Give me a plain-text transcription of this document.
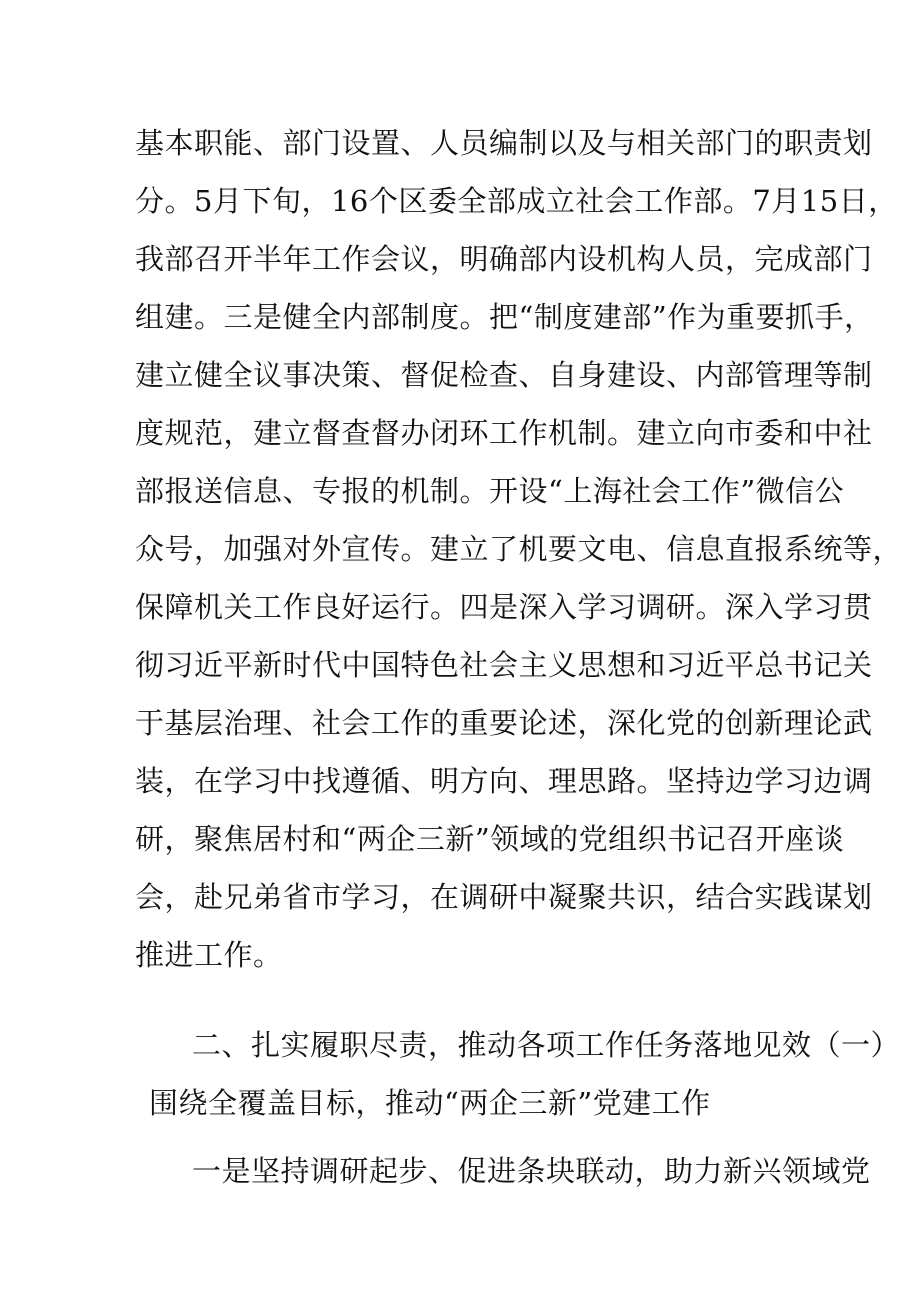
基本职能、部门设置、人员编制以及与相关部门的职责划
分。5月下旬，16个区委全部成立社会工作部。7月15日，
我部召开半年工作会议，明确部内设机构人员，完成部门
组建。三是健全内部制度。把“制度建部”作为重要抓手，
建立健全议事决策、督促检查、自身建设、内部管理等制
度规范，建立督查督办闭环工作机制。建立向市委和中社
部报送信息、专报的机制。开设“上海社会工作”微信公
众号，加强对外宣传。建立了机要文电、信息直报系统等，
保障机关工作良好运行。四是深入学习调研。深入学习贯
彻习近平新时代中国特色社会主义思想和习近平总书记关
于基层治理、社会工作的重要论述，深化党的创新理论武
装，在学习中找遵循、明方向、理思路。坚持边学习边调
研，聚焦居村和“两企三新”领域的党组织书记召开座谈
会，赴兄弟省市学习，在调研中凝聚共识，结合实践谋划
推进工作。
二、扎实履职尽责，推动各项工作任务落地见效（一）
围绕全覆盖目标，推动“两企三新”党建工作
一是坚持调研起步、促进条块联动，助力新兴领域党
